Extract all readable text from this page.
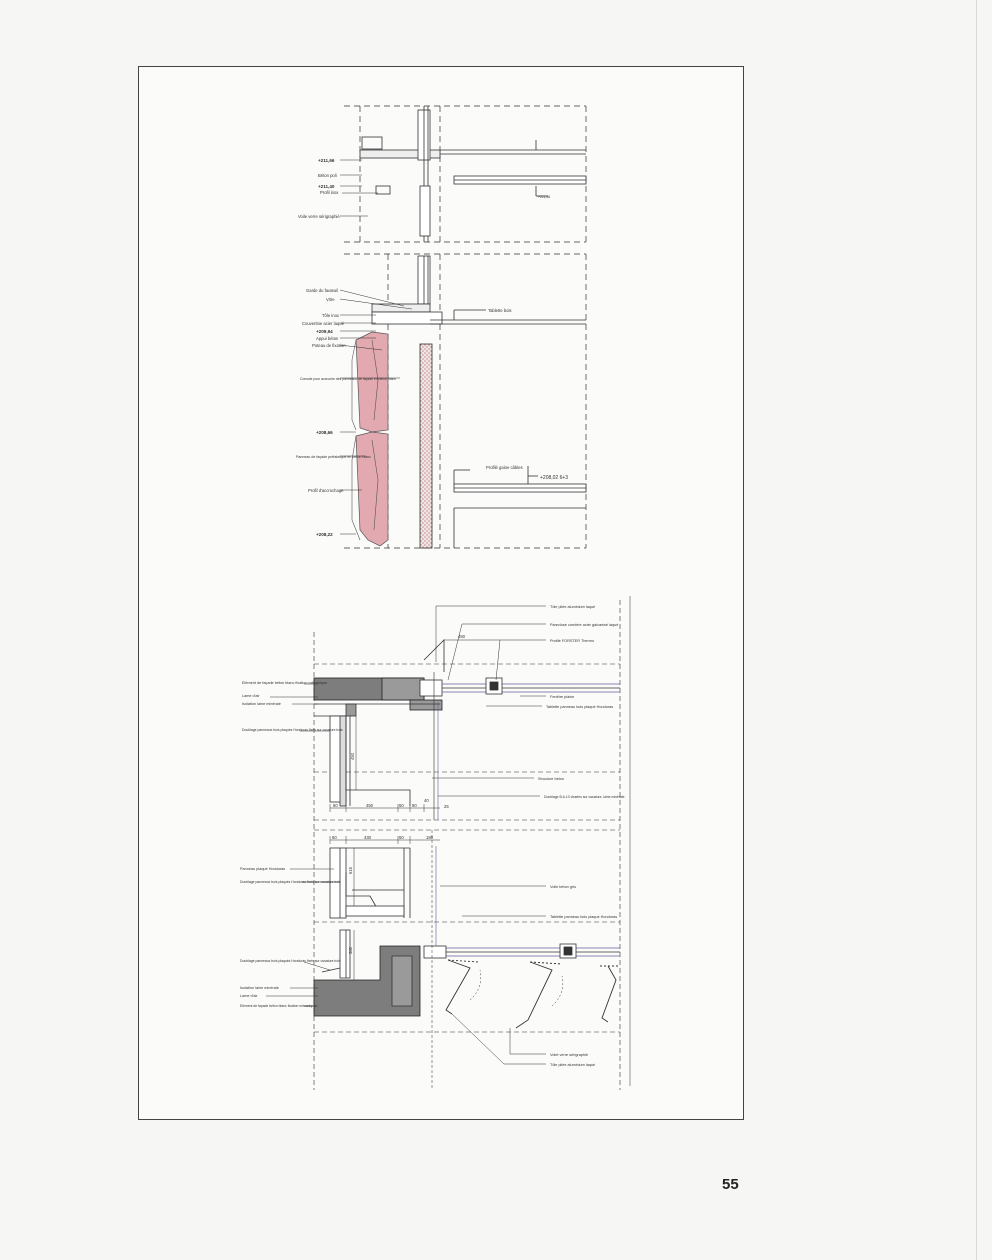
+211,66
Béton poli
+211,40
Profil inox
Voile verre sérigraphié
+211,66
Garde du fauteuil
Vitre
Tôle inox
Couvertine acier laqué
+209,94
Appui béton
Poteau de fixation
Console pour accroche des panneaux de façade en béton blanc
+208,66
Panneau de façade préfabriqué en béton blanc
Profil d'accrochage
+208,22
Tablette bois
Profilé gaine câbles
+208,02 6+3
Elément de façade béton blanc fixation mécanique
Lame d'air
Isolation laine minérale
Doublage panneaux bois plaqués Honduras fixés sur ossature bois
Panneau plaqué Honduras
Doublage panneaux bois plaqués Honduras fixés sur ossature bois
Doublage panneaux bois plaqués Honduras fixés sur ossature bois
Isolation laine minérale
Lame d'air
Elément de façade béton blanc fixation mécanique
Tôle pliée aluminium laqué
Pareclose cornière acier galvanisé laqué
Profilé FORSTER Thermo
Fenêtre plaine
Tablette panneau bois plaqué Honduras
Structure béton
Doublage B.A.13 vissées sur ossature, laine minérale
Voile béton gris
Tablette panneau bois plaqué Honduras
Volet verre sérigraphié
Tôle pliée aluminium laqué
450
60	450	50 90
40
25
60	430	50	180
615
380
450
55
